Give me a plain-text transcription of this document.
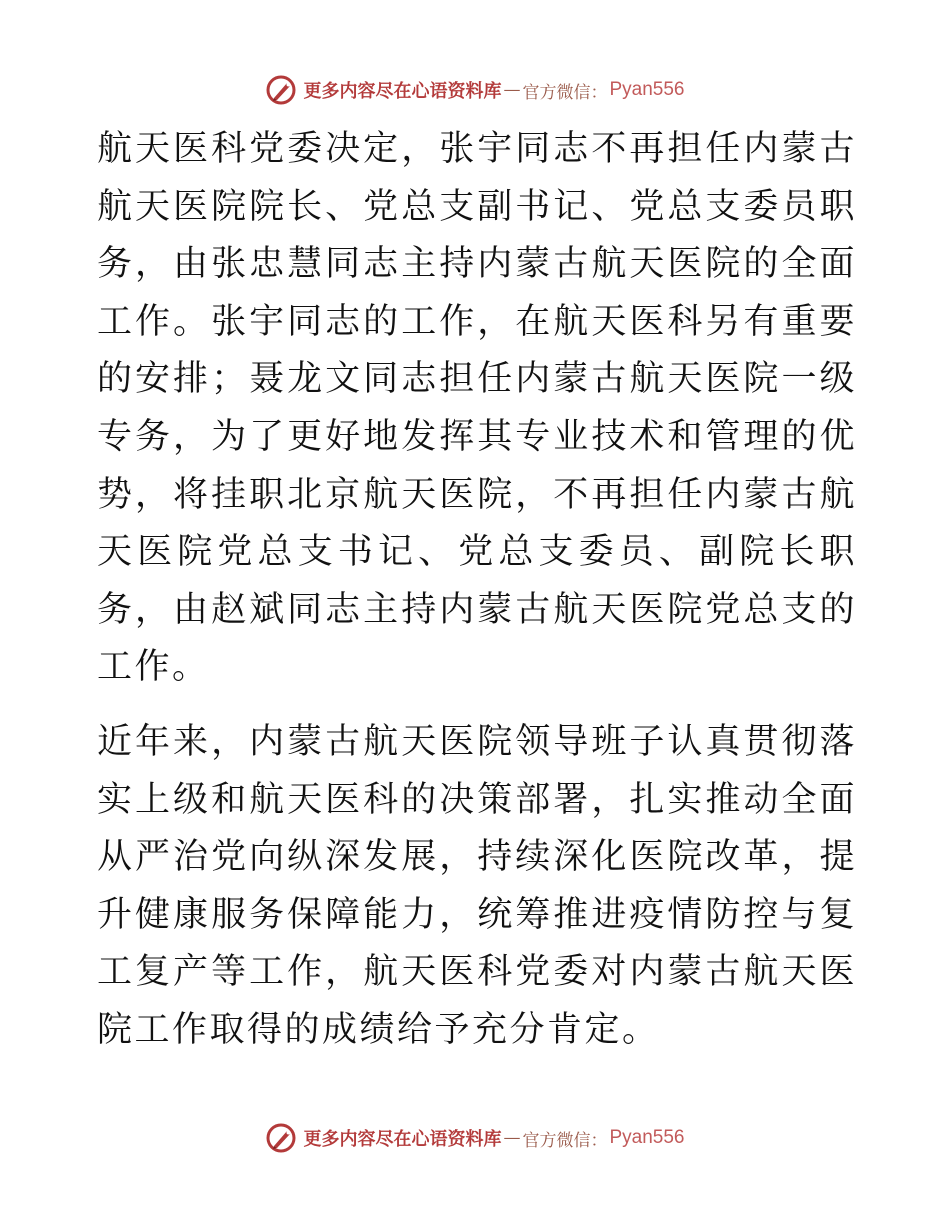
更多内容尽在心语资料库 — 官方微信： Pyan556

航天医科党委决定，张宇同志不再担任内蒙古航天医院院长、党总支副书记、党总支委员职务，由张忠慧同志主持内蒙古航天医院的全面工作。张宇同志的工作，在航天医科另有重要的安排；聂龙文同志担任内蒙古航天医院一级专务，为了更好地发挥其专业技术和管理的优势，将挂职北京航天医院，不再担任内蒙古航天医院党总支书记、党总支委员、副院长职务，由赵斌同志主持内蒙古航天医院党总支的工作。

近年来，内蒙古航天医院领导班子认真贯彻落实上级和航天医科的决策部署，扎实推动全面从严治党向纵深发展，持续深化医院改革，提升健康服务保障能力，统筹推进疫情防控与复工复产等工作，航天医科党委对内蒙古航天医院工作取得的成绩给予充分肯定。

更多内容尽在心语资料库 — 官方微信： Pyan556
